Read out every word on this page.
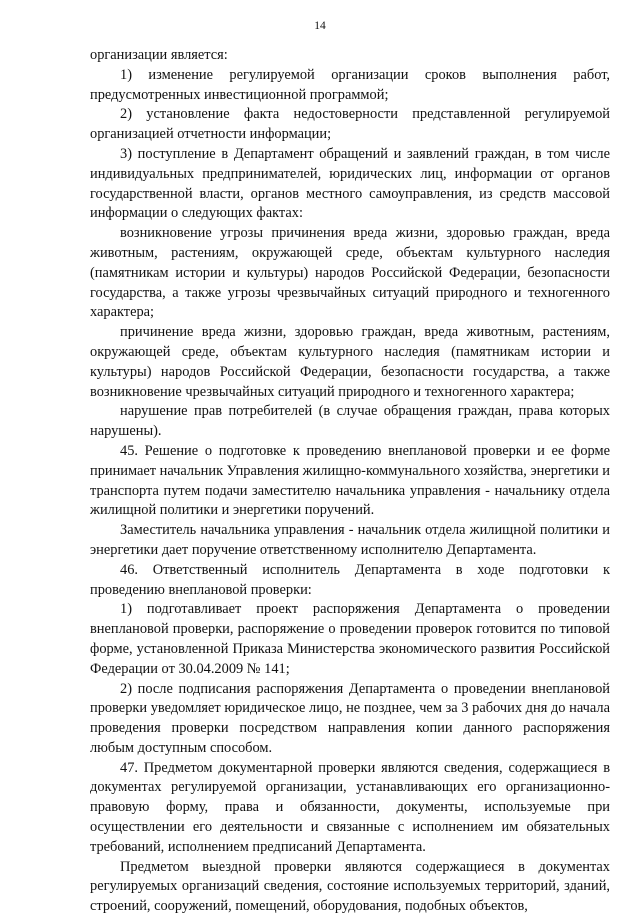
14

организации является:

1) изменение регулируемой организации сроков выполнения работ, предусмотренных инвестиционной программой;

2) установление факта недостоверности представленной регулируемой организацией отчетности информации;

3) поступление в Департамент обращений и заявлений граждан, в том числе индивидуальных предпринимателей, юридических лиц, информации от органов государственной власти, органов местного самоуправления, из средств массовой информации о следующих фактах:

возникновение угрозы причинения вреда жизни, здоровью граждан, вреда животным, растениям, окружающей среде, объектам культурного наследия (памятникам истории и культуры) народов Российской Федерации, безопасности государства, а также угрозы чрезвычайных ситуаций природного и техногенного характера;

причинение вреда жизни, здоровью граждан, вреда животным, растениям, окружающей среде, объектам культурного наследия (памятникам истории и культуры) народов Российской Федерации, безопасности государства, а также возникновение чрезвычайных ситуаций природного и техногенного характера;

нарушение прав потребителей (в случае обращения граждан, права которых нарушены).

45. Решение о подготовке к проведению внеплановой проверки и ее форме принимает начальник Управления жилищно-коммунального хозяйства, энергетики и транспорта путем подачи заместителю начальника управления - начальнику отдела жилищной политики и энергетики поручений.

Заместитель начальника управления - начальник отдела жилищной политики и энергетики дает поручение ответственному исполнителю Департамента.

46. Ответственный исполнитель Департамента в ходе подготовки к проведению внеплановой проверки:

1) подготавливает проект распоряжения Департамента о проведении внеплановой проверки, распоряжение о проведении проверок готовится по типовой форме, установленной Приказа Министерства экономического развития Российской Федерации от 30.04.2009 № 141;

2) после подписания распоряжения Департамента о проведении внеплановой проверки уведомляет юридическое лицо, не позднее, чем за 3 рабочих дня до начала проведения проверки посредством направления копии данного распоряжения любым доступным способом.

47. Предметом документарной проверки являются сведения, содержащиеся в документах регулируемой организации, устанавливающих его организационно-правовую форму, права и обязанности, документы, используемые при осуществлении его деятельности и связанные с исполнением им обязательных требований, исполнением предписаний Департамента.

Предметом выездной проверки являются содержащиеся в документах регулируемых организаций сведения, состояние используемых территорий, зданий, строений, сооружений, помещений, оборудования, подобных объектов,
